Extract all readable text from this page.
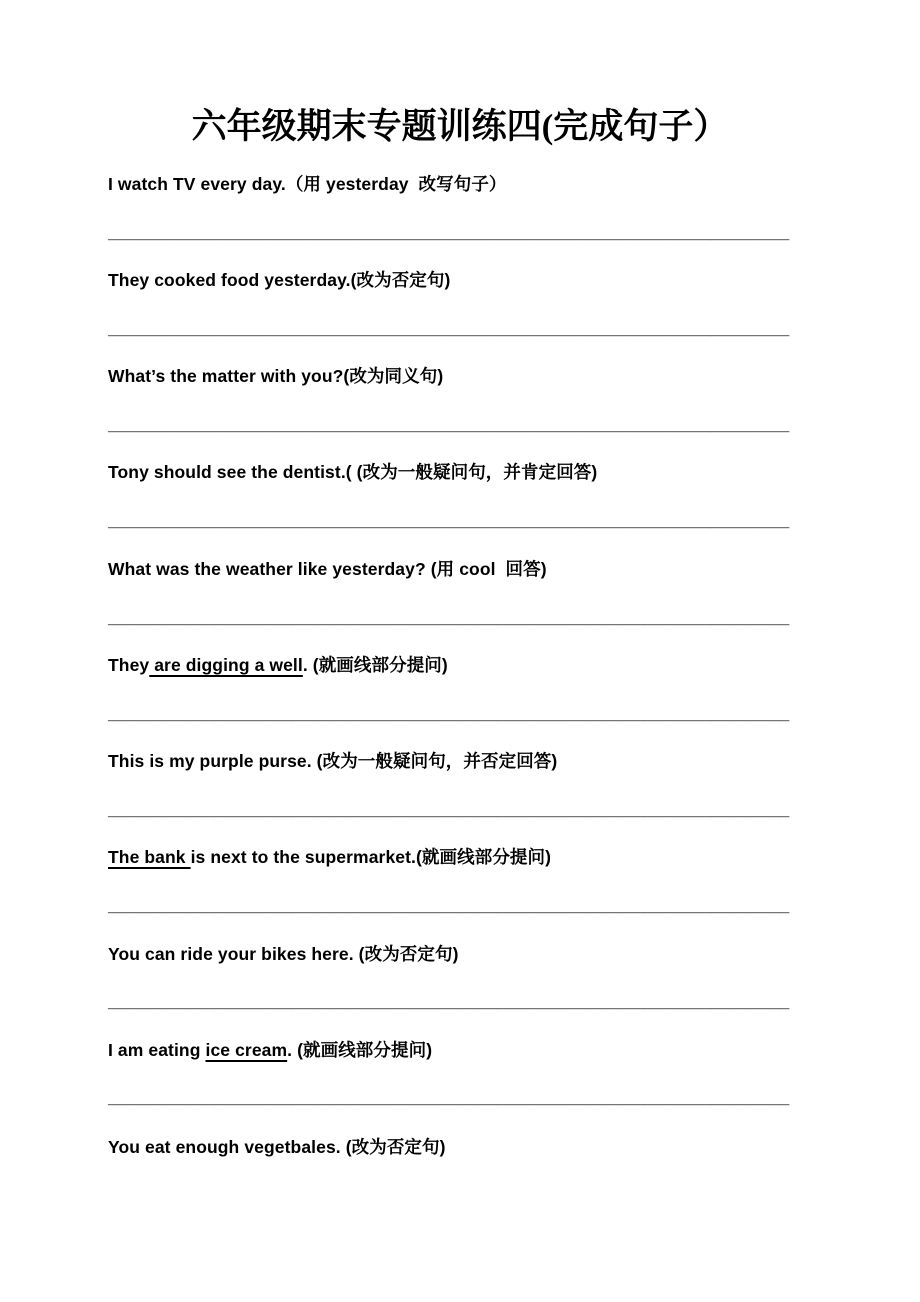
六年级期末专题训练四(完成句子）
I watch TV every day.（用 yesterday  改写句子）
______________________________________________________________________
They cooked food yesterday.(改为否定句)
______________________________________________________________________
What’s the matter with you?(改为同义句)
______________________________________________________________________
Tony should see the dentist.( (改为一般疑问句，并肯定回答)
______________________________________________________________________
What was the weather like yesterday? (用 cool  回答)
______________________________________________________________________
They are digging a well. (就画线部分提问)
______________________________________________________________________
This is my purple purse. (改为一般疑问句，并否定回答)
______________________________________________________________________
The bank is next to the supermarket.(就画线部分提问)
______________________________________________________________________
You can ride your bikes here. (改为否定句)
______________________________________________________________________
I am eating ice cream. (就画线部分提问)
______________________________________________________________________
You eat enough vegetbales. (改为否定句)
